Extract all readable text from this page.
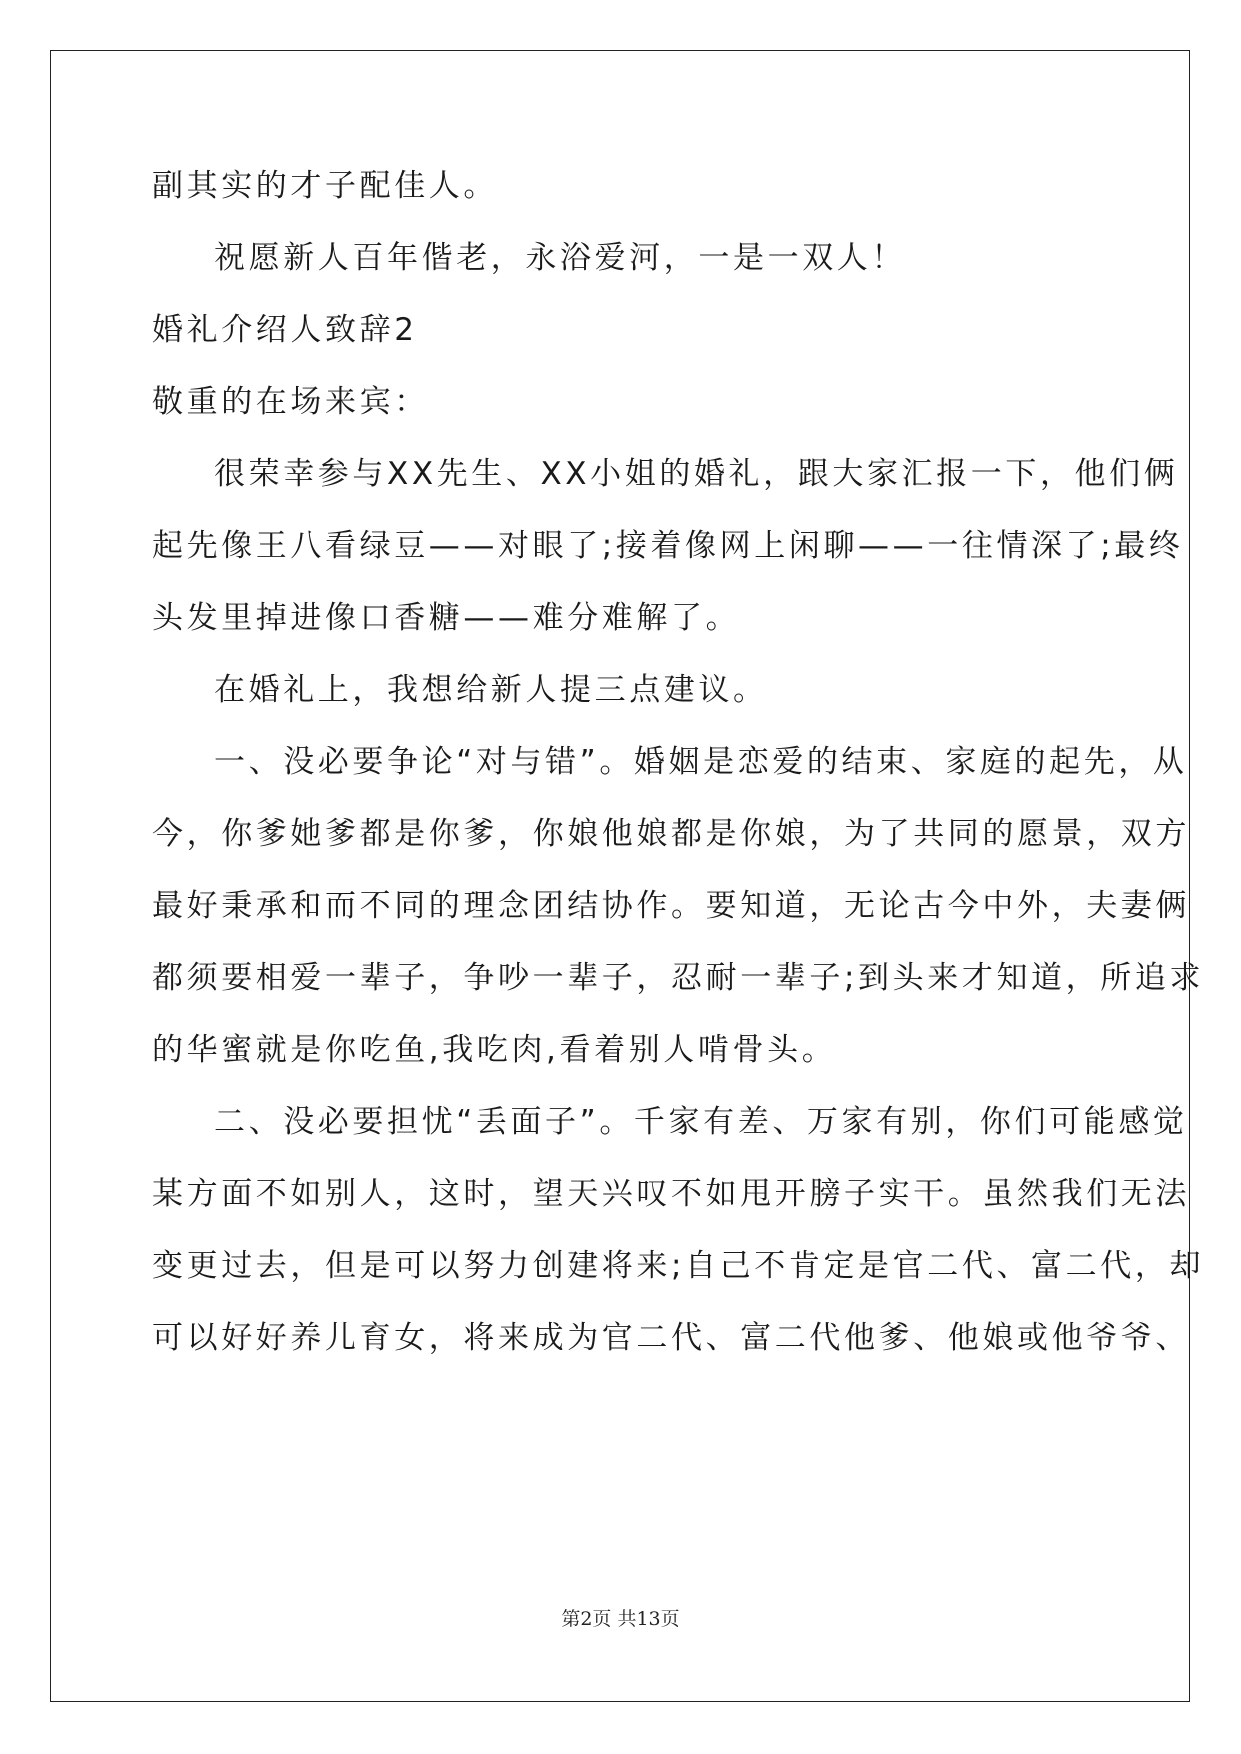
副其实的才子配佳人。
祝愿新人百年偕老，永浴爱河，一是一双人！
婚礼介绍人致辞2
敬重的在场来宾：
很荣幸参与XX先生、XX小姐的婚礼，跟大家汇报一下，他们俩
起先像王八看绿豆——对眼了;接着像网上闲聊——一往情深了;最终
头发里掉进像口香糖——难分难解了。
在婚礼上，我想给新人提三点建议。
一、没必要争论“对与错”。婚姻是恋爱的结束、家庭的起先，从
今，你爹她爹都是你爹，你娘他娘都是你娘，为了共同的愿景，双方
最好秉承和而不同的理念团结协作。要知道，无论古今中外，夫妻俩
都须要相爱一辈子，争吵一辈子，忍耐一辈子;到头来才知道，所追求
的华蜜就是你吃鱼,我吃肉,看着别人啃骨头。
二、没必要担忧“丢面子”。千家有差、万家有别，你们可能感觉
某方面不如别人，这时，望天兴叹不如甩开膀子实干。虽然我们无法
变更过去，但是可以努力创建将来;自己不肯定是官二代、富二代，却
可以好好养儿育女，将来成为官二代、富二代他爹、他娘或他爷爷、
第2页 共13页
